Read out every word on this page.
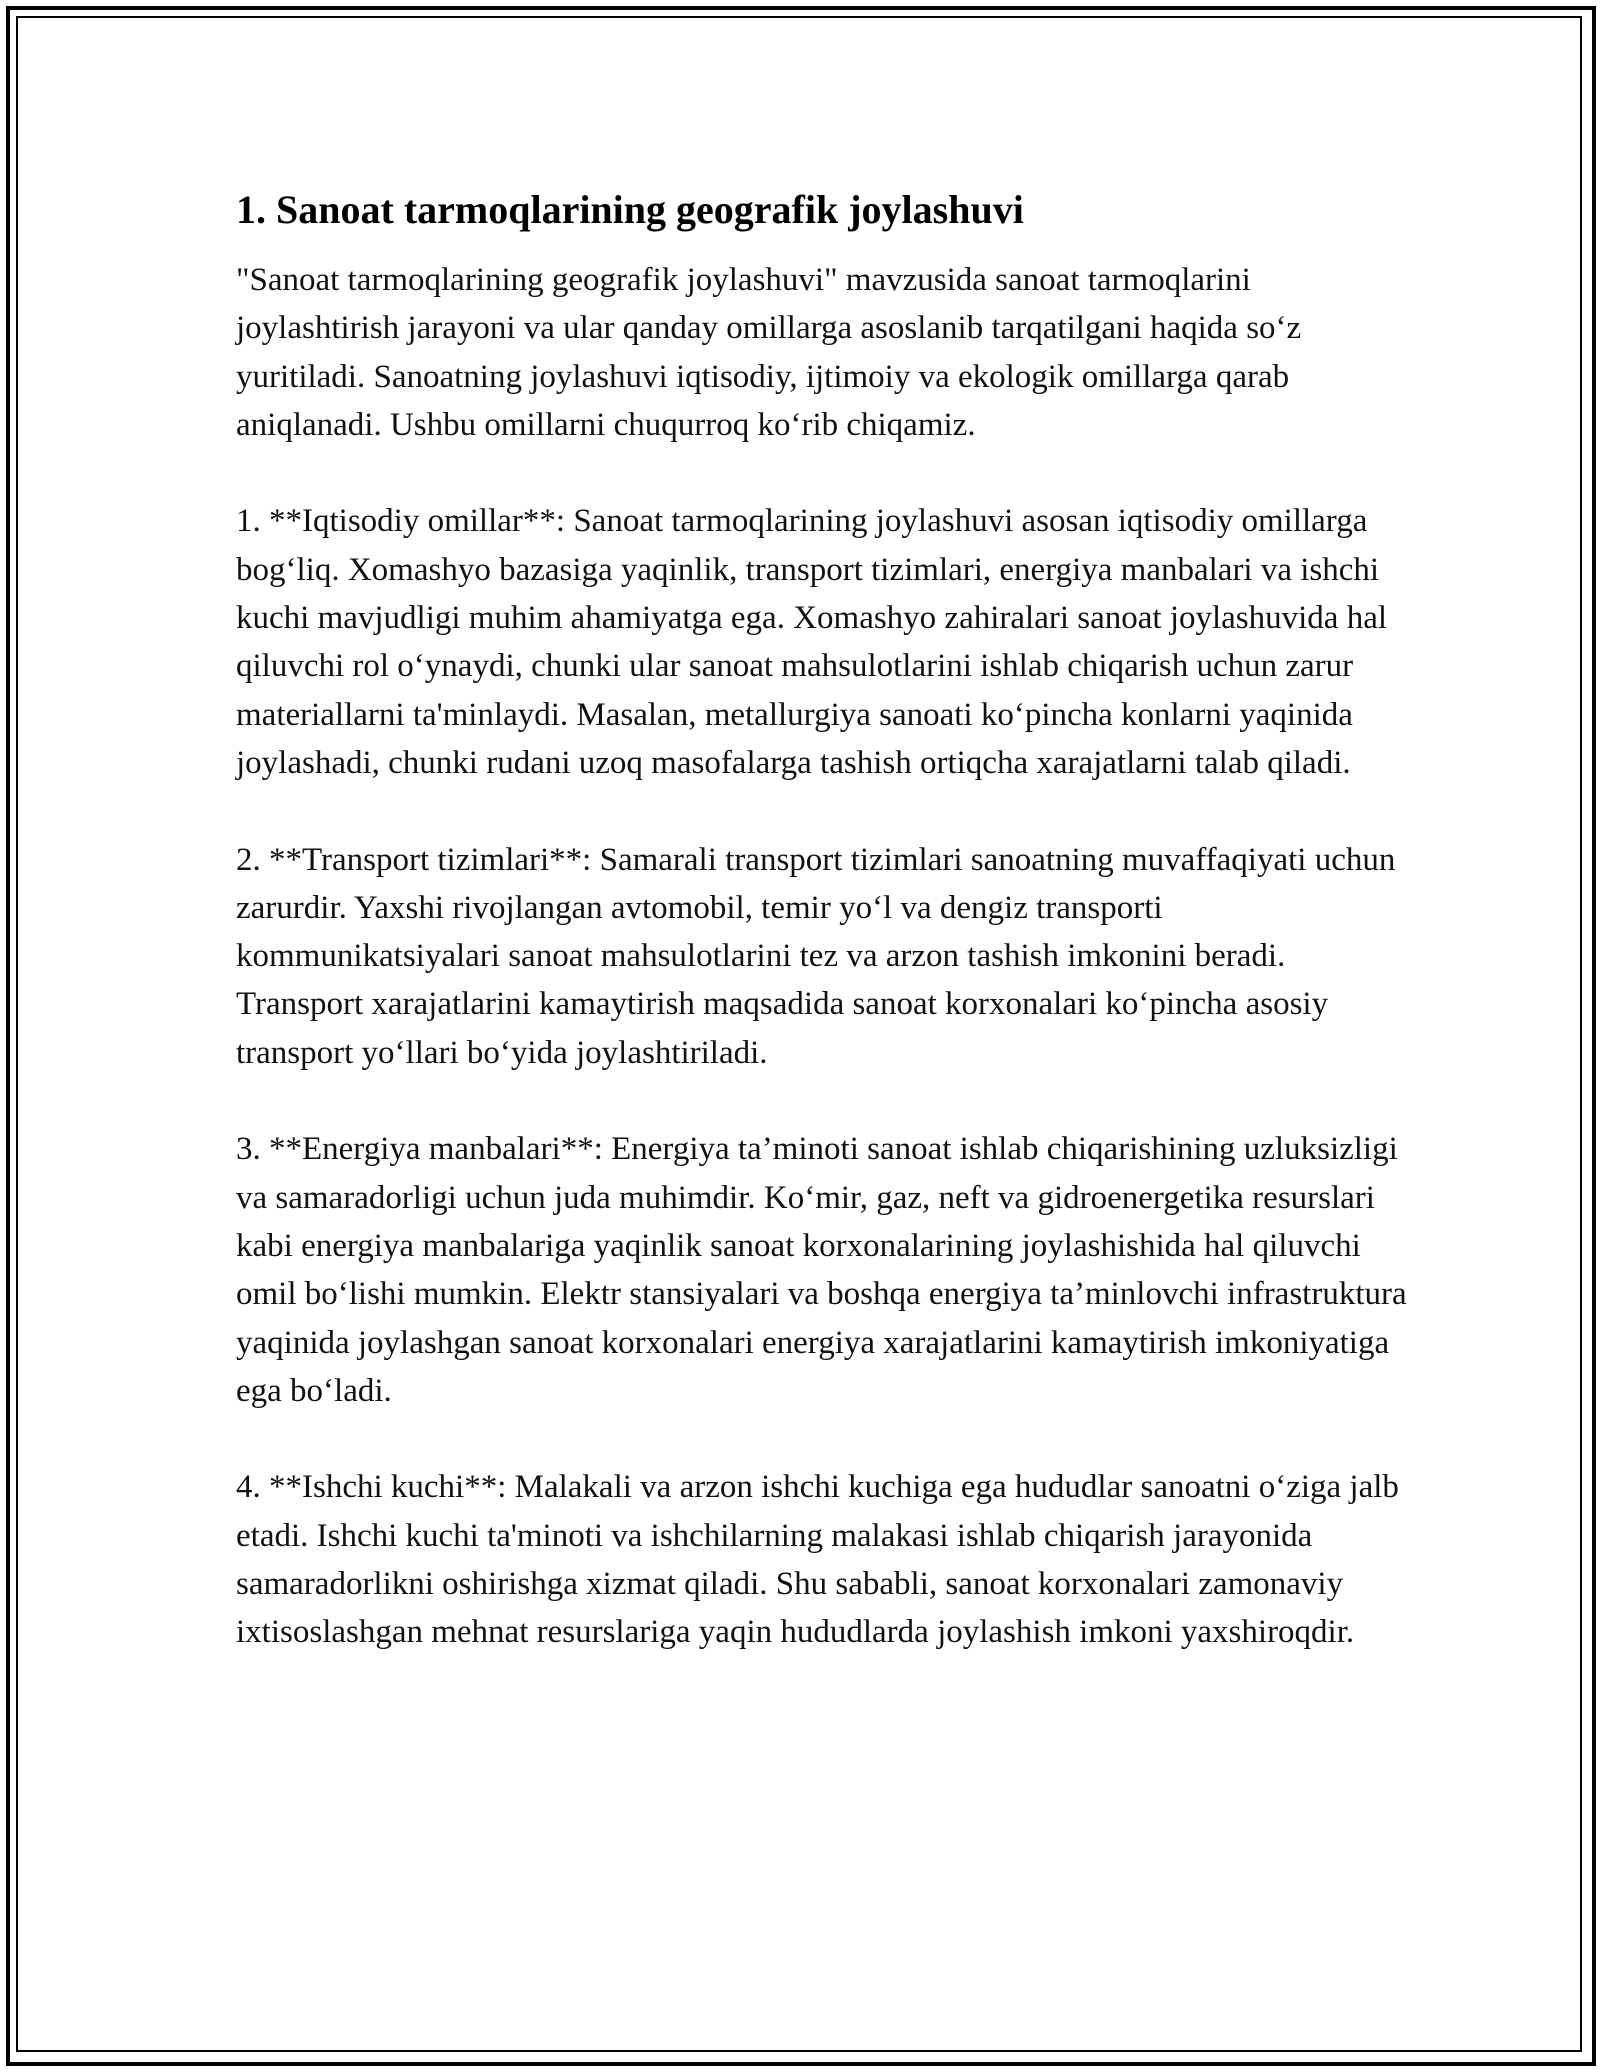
1. Sanoat tarmoqlarining geografik joylashuvi

"Sanoat tarmoqlarining geografik joylashuvi" mavzusida sanoat tarmoqlarini joylashtirish jarayoni va ular qanday omillarga asoslanib tarqatilgani haqida so‘z yuritiladi. Sanoatning joylashuvi iqtisodiy, ijtimoiy va ekologik omillarga qarab aniqlanadi. Ushbu omillarni chuqurroq ko‘rib chiqamiz.

1. **Iqtisodiy omillar**: Sanoat tarmoqlarining joylashuvi asosan iqtisodiy omillarga bog‘liq. Xomashyo bazasiga yaqinlik, transport tizimlari, energiya manbalari va ishchi kuchi mavjudligi muhim ahamiyatga ega. Xomashyo zahiralari sanoat joylashuvida hal qiluvchi rol o‘ynaydi, chunki ular sanoat mahsulotlarini ishlab chiqarish uchun zarur materiallarni ta'minlaydi. Masalan, metallurgiya sanoati ko‘pincha konlarni yaqinida joylashadi, chunki rudani uzoq masofalarga tashish ortiqcha xarajatlarni talab qiladi.

2. **Transport tizimlari**: Samarali transport tizimlari sanoatning muvaffaqiyati uchun zarurdir. Yaxshi rivojlangan avtomobil, temir yo‘l va dengiz transporti kommunikatsiyalari sanoat mahsulotlarini tez va arzon tashish imkonini beradi. Transport xarajatlarini kamaytirish maqsadida sanoat korxonalari ko‘pincha asosiy transport yo‘llari bo‘yida joylashtiriladi.

3. **Energiya manbalari**: Energiya ta’minoti sanoat ishlab chiqarishining uzluksizligi va samaradorligi uchun juda muhimdir. Ko‘mir, gaz, neft va gidroenergetika resurslari kabi energiya manbalariga yaqinlik sanoat korxonalarining joylashishida hal qiluvchi omil bo‘lishi mumkin. Elektr stansiyalari va boshqa energiya ta’minlovchi infrastruktura yaqinida joylashgan sanoat korxonalari energiya xarajatlarini kamaytirish imkoniyatiga ega bo‘ladi.

4. **Ishchi kuchi**: Malakali va arzon ishchi kuchiga ega hududlar sanoatni o‘ziga jalb etadi. Ishchi kuchi ta'minoti va ishchilarning malakasi ishlab chiqarish jarayonida samaradorlikni oshirishga xizmat qiladi. Shu sababli, sanoat korxonalari zamonaviy ixtisoslashgan mehnat resurslariga yaqin hududlarda joylashish imkoni yaxshiroqdir.
